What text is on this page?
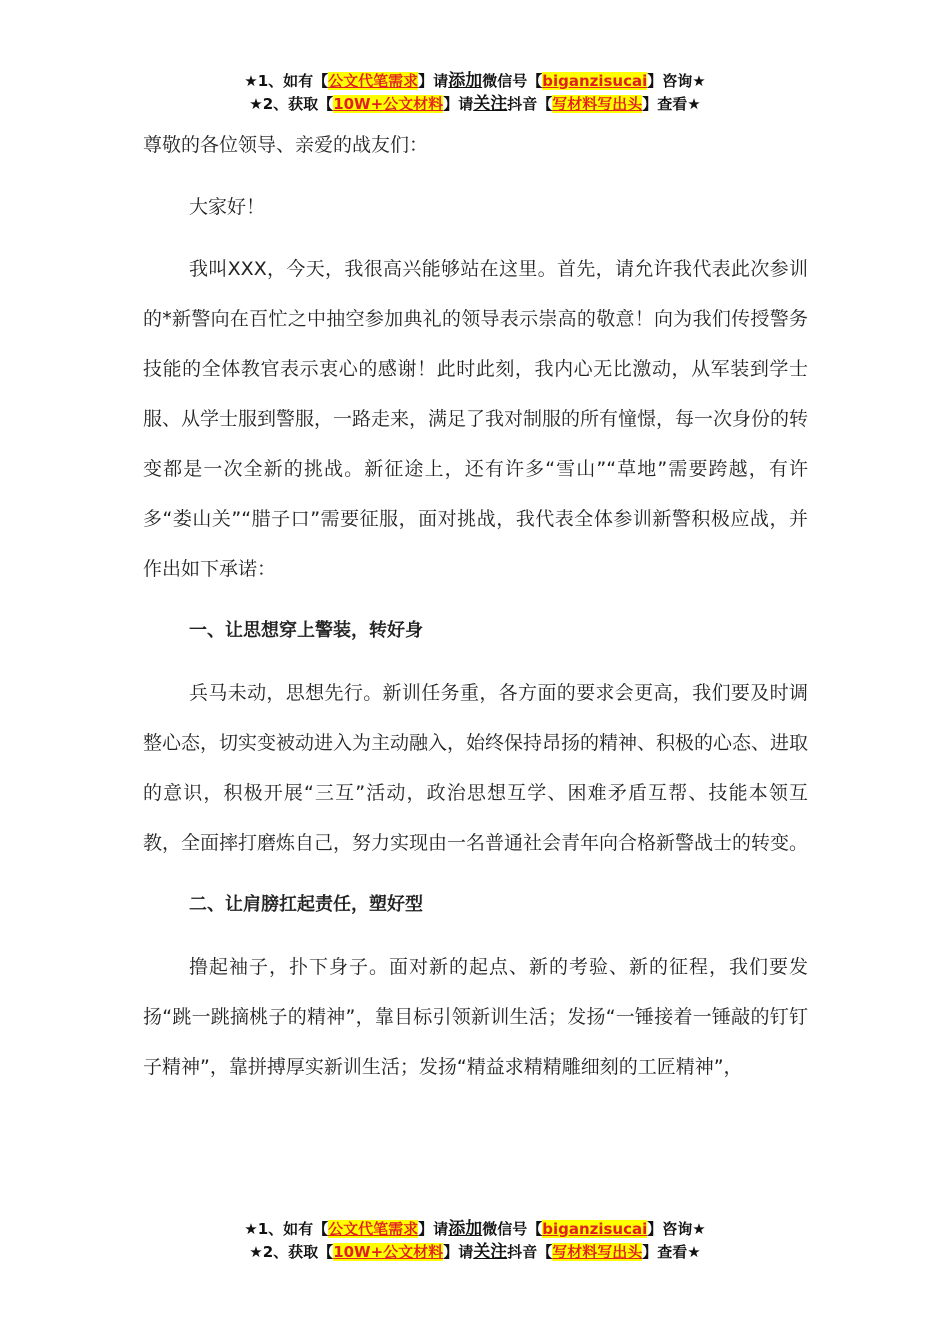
★1、如有【公文代笔需求】请添加微信号【biganzisucai】咨询★
★2、获取【10W+公文材料】请关注抖音【写材料写出头】查看★

尊敬的各位领导、亲爱的战友们：

大家好！

我叫XXX，今天，我很高兴能够站在这里。首先，请允许我代表此次参训的*新警向在百忙之中抽空参加典礼的领导表示崇高的敬意！向为我们传授警务技能的全体教官表示衷心的感谢！此时此刻，我内心无比激动，从军装到学士服、从学士服到警服，一路走来，满足了我对制服的所有憧憬，每一次身份的转变都是一次全新的挑战。新征途上，还有许多“雪山”“草地”需要跨越，有许多“娄山关”“腊子口”需要征服，面对挑战，我代表全体参训新警积极应战，并作出如下承诺：

一、让思想穿上警装，转好身

兵马未动，思想先行。新训任务重，各方面的要求会更高，我们要及时调整心态，切实变被动进入为主动融入，始终保持昂扬的精神、积极的心态、进取的意识，积极开展“三互”活动，政治思想互学、困难矛盾互帮、技能本领互教，全面摔打磨炼自己，努力实现由一名普通社会青年向合格新警战士的转变。

二、让肩膀扛起责任，塑好型

撸起袖子，扑下身子。面对新的起点、新的考验、新的征程，我们要发扬“跳一跳摘桃子的精神”，靠目标引领新训生活；发扬“一锤接着一锤敲的钉钉子精神”，靠拼搏厚实新训生活；发扬“精益求精精雕细刻的工匠精神”，

★1、如有【公文代笔需求】请添加微信号【biganzisucai】咨询★
★2、获取【10W+公文材料】请关注抖音【写材料写出头】查看★
